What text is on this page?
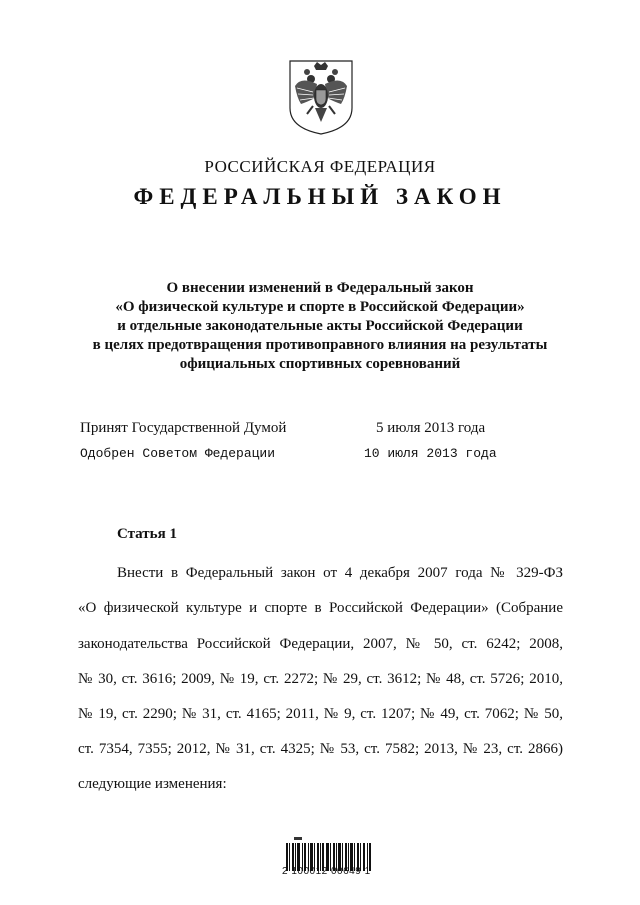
РОССИЙСКАЯ ФЕДЕРАЦИЯ
ФЕДЕРАЛЬНЫЙ ЗАКОН
О внесении изменений в Федеральный закон
«О физической культуре и спорте в Российской Федерации»
и отдельные законодательные акты Российской Федерации
в целях предотвращения противоправного влияния на результаты
официальных спортивных соревнований
Принят Государственной Думой	5 июля 2013 года
Одобрен Советом Федерации	10 июля 2013 года
Статья 1
Внести в Федеральный закон от 4 декабря 2007 года № 329-ФЗ
«О физической культуре и спорте в Российской Федерации» (Собрание
законодательства Российской Федерации, 2007, № 50, ст. 6242; 2008,
№ 30, ст. 3616; 2009, № 19, ст. 2272; № 29, ст. 3612; № 48, ст. 5726; 2010,
№ 19, ст. 2290; № 31, ст. 4165; 2011, № 9, ст. 1207; № 49, ст. 7062; № 50,
ст. 7354, 7355; 2012, № 31, ст. 4325; № 53, ст. 7582; 2013, № 23, ст. 2866)
следующие изменения:
2 100012 00649 1
